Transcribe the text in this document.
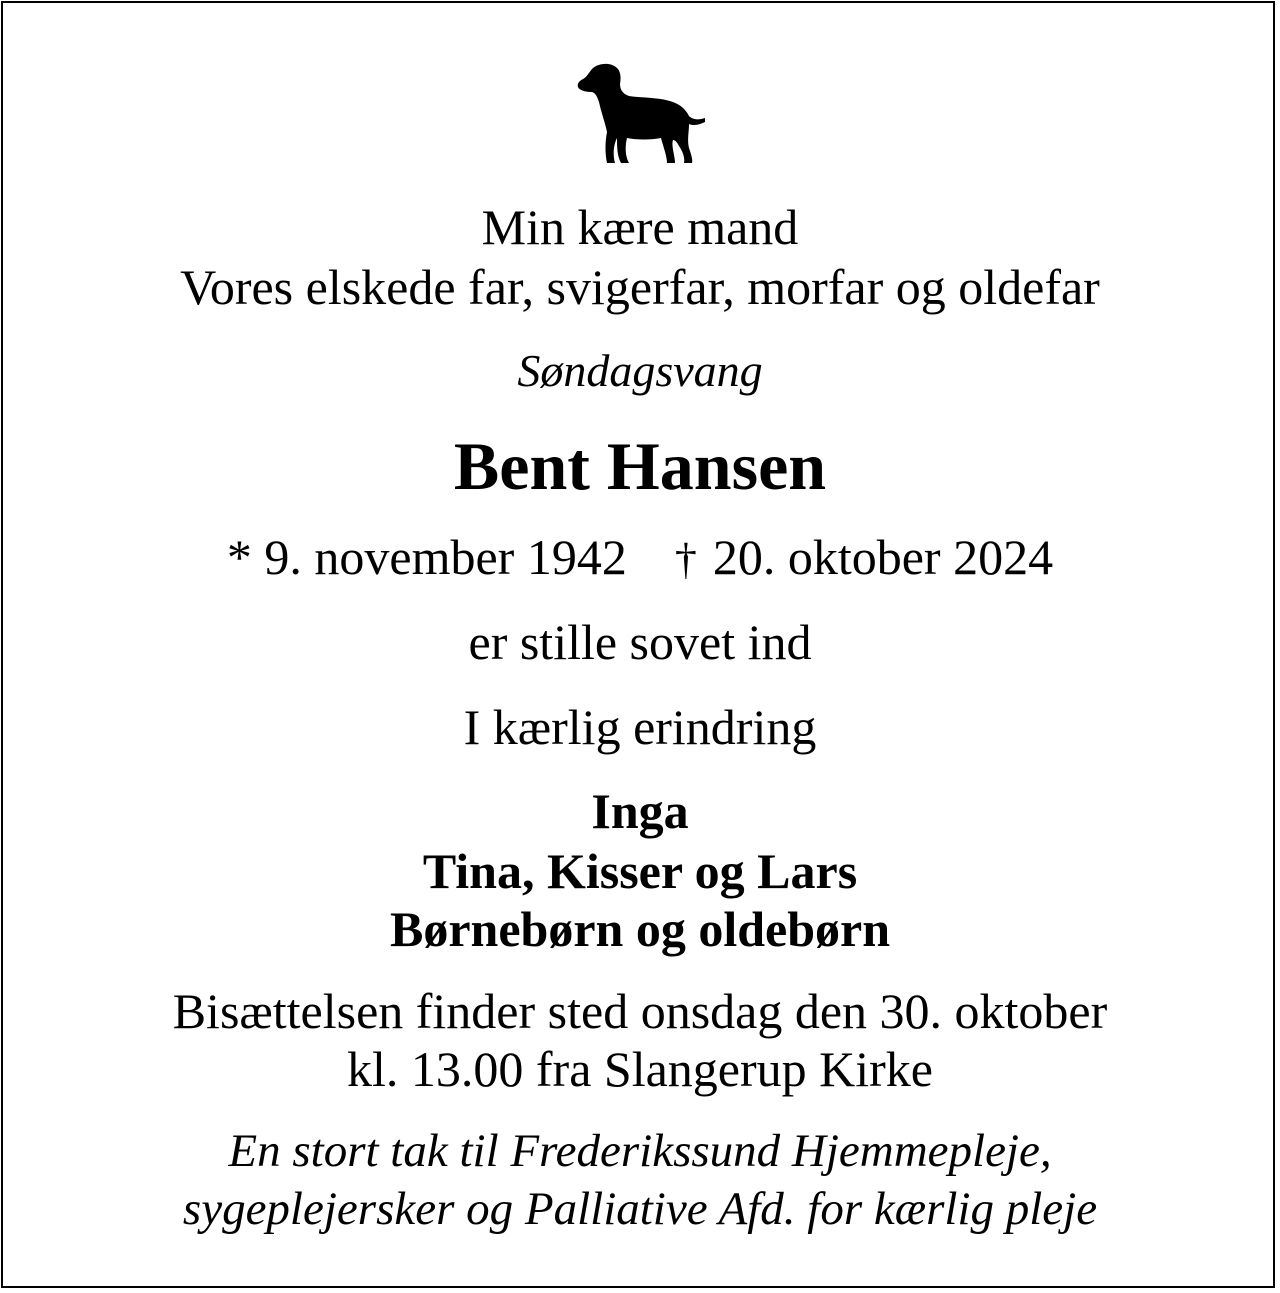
Min kære mand
Vores elskede far, svigerfar, morfar og oldefar
Søndagsvang
Bent Hansen
* 9. november 1942 † 20. oktober 2024
er stille sovet ind
I kærlig erindring
Inga
Tina, Kisser og Lars
Børnebørn og oldebørn
Bisættelsen finder sted onsdag den 30. oktober
kl. 13.00 fra Slangerup Kirke
En stort tak til Frederikssund Hjemmepleje,
sygeplejersker og Palliative Afd. for kærlig pleje
